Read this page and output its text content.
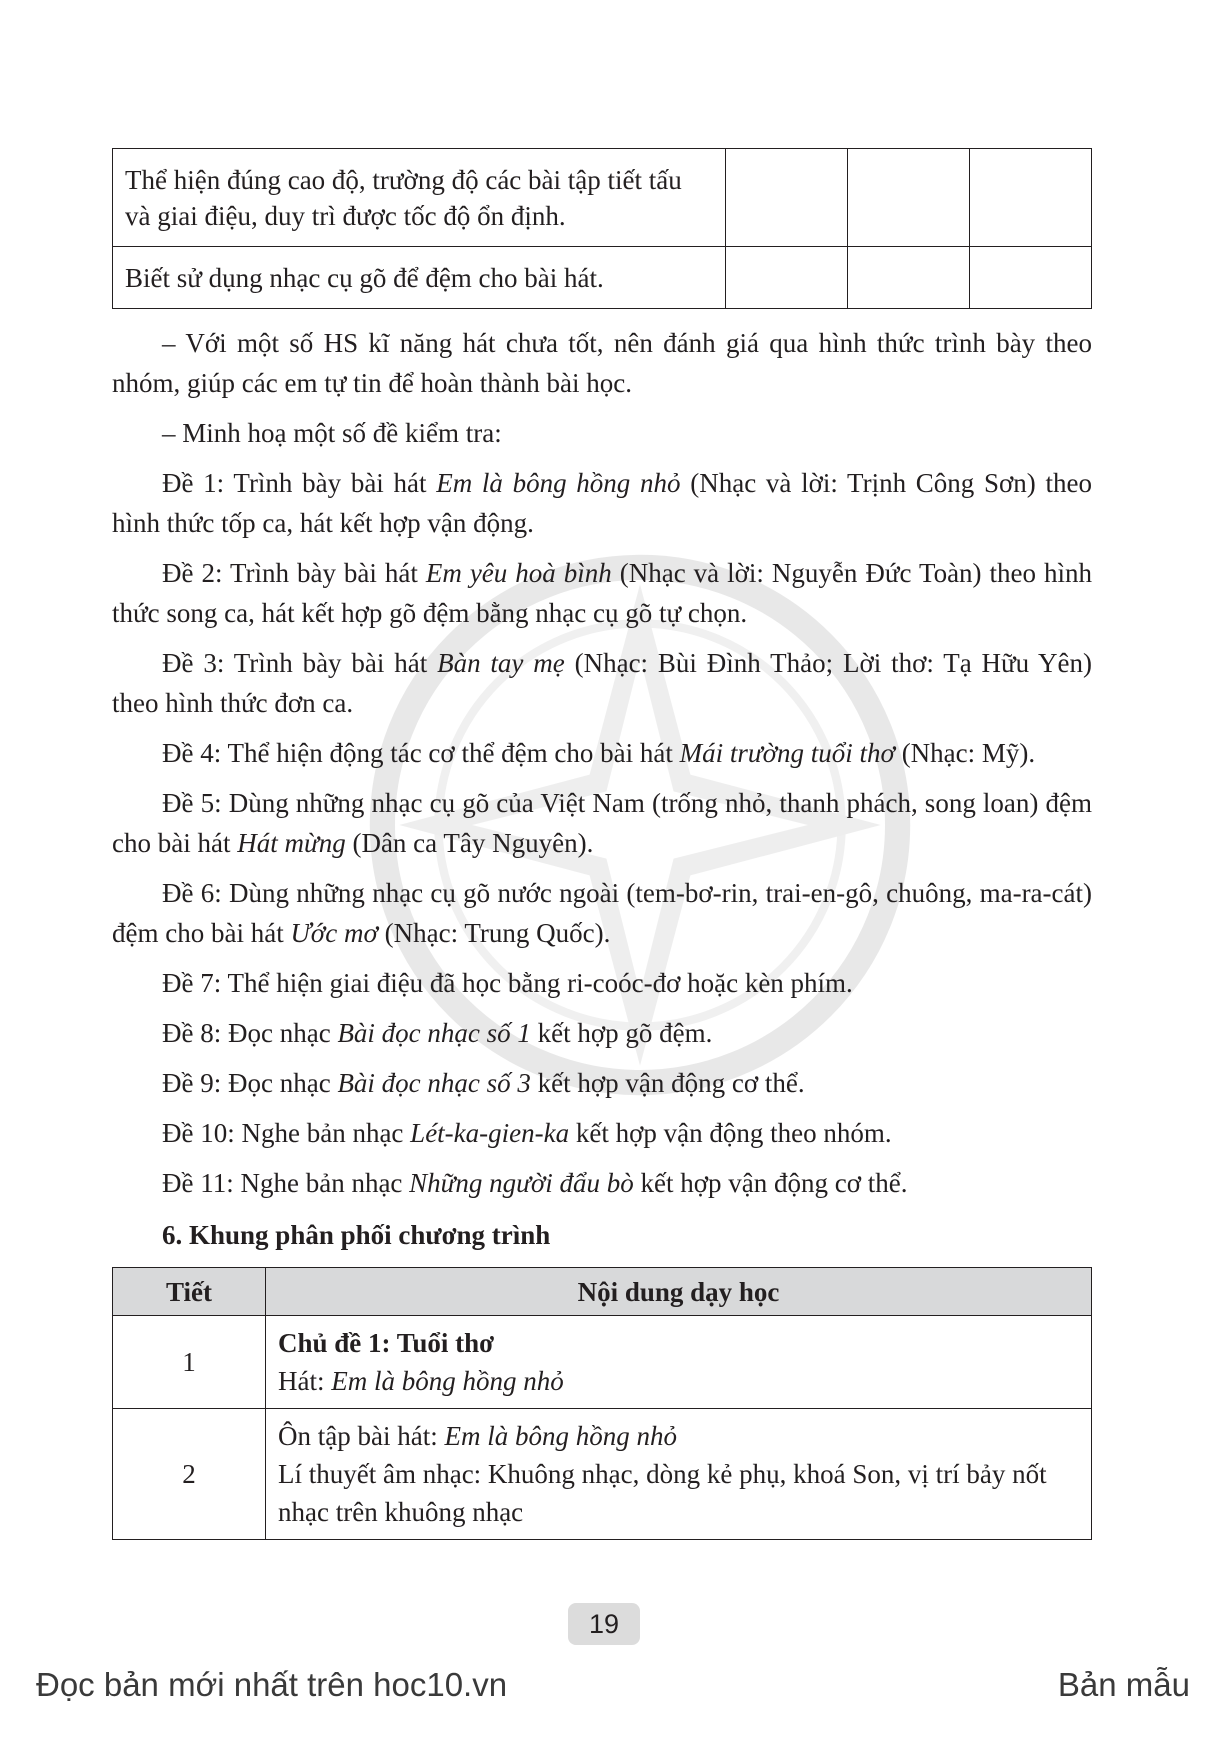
Thể hiện đúng cao độ, trường độ các bài tập tiết tấu và giai điệu, duy trì được tốc độ ổn định.			
Biết sử dụng nhạc cụ gõ để đệm cho bài hát.			

– Với một số HS kĩ năng hát chưa tốt, nên đánh giá qua hình thức trình bày theo nhóm, giúp các em tự tin để hoàn thành bài học.

– Minh hoạ một số đề kiểm tra:

Đề 1: Trình bày bài hát Em là bông hồng nhỏ (Nhạc và lời: Trịnh Công Sơn) theo hình thức tốp ca, hát kết hợp vận động.

Đề 2: Trình bày bài hát Em yêu hoà bình (Nhạc và lời: Nguyễn Đức Toàn) theo hình thức song ca, hát kết hợp gõ đệm bằng nhạc cụ gõ tự chọn.

Đề 3: Trình bày bài hát Bàn tay mẹ (Nhạc: Bùi Đình Thảo; Lời thơ: Tạ Hữu Yên) theo hình thức đơn ca.

Đề 4: Thể hiện động tác cơ thể đệm cho bài hát Mái trường tuổi thơ (Nhạc: Mỹ).

Đề 5: Dùng những nhạc cụ gõ của Việt Nam (trống nhỏ, thanh phách, song loan) đệm cho bài hát Hát mừng (Dân ca Tây Nguyên).

Đề 6: Dùng những nhạc cụ gõ nước ngoài (tem-bơ-rin, trai-en-gô, chuông, ma-ra-cát) đệm cho bài hát Ước mơ (Nhạc: Trung Quốc).

Đề 7: Thể hiện giai điệu đã học bằng ri-coóc-đơ hoặc kèn phím.

Đề 8: Đọc nhạc Bài đọc nhạc số 1 kết hợp gõ đệm.

Đề 9: Đọc nhạc Bài đọc nhạc số 3 kết hợp vận động cơ thể.

Đề 10: Nghe bản nhạc Lét-ka-gien-ka kết hợp vận động theo nhóm.

Đề 11: Nghe bản nhạc Những người đẩu bò kết hợp vận động cơ thể.

6. Khung phân phối chương trình

Tiết	Nội dung dạy học
1	Chủ đề 1: Tuổi thơ
Hát: Em là bông hồng nhỏ

2	Ôn tập bài hát: Em là bông hồng nhỏ
Lí thuyết âm nhạc: Khuông nhạc, dòng kẻ phụ, khoá Son, vị trí bảy nốt nhạc trên khuông nhạc
19
Đọc bản mới nhất trên hoc10.vn	Bản mẫu
